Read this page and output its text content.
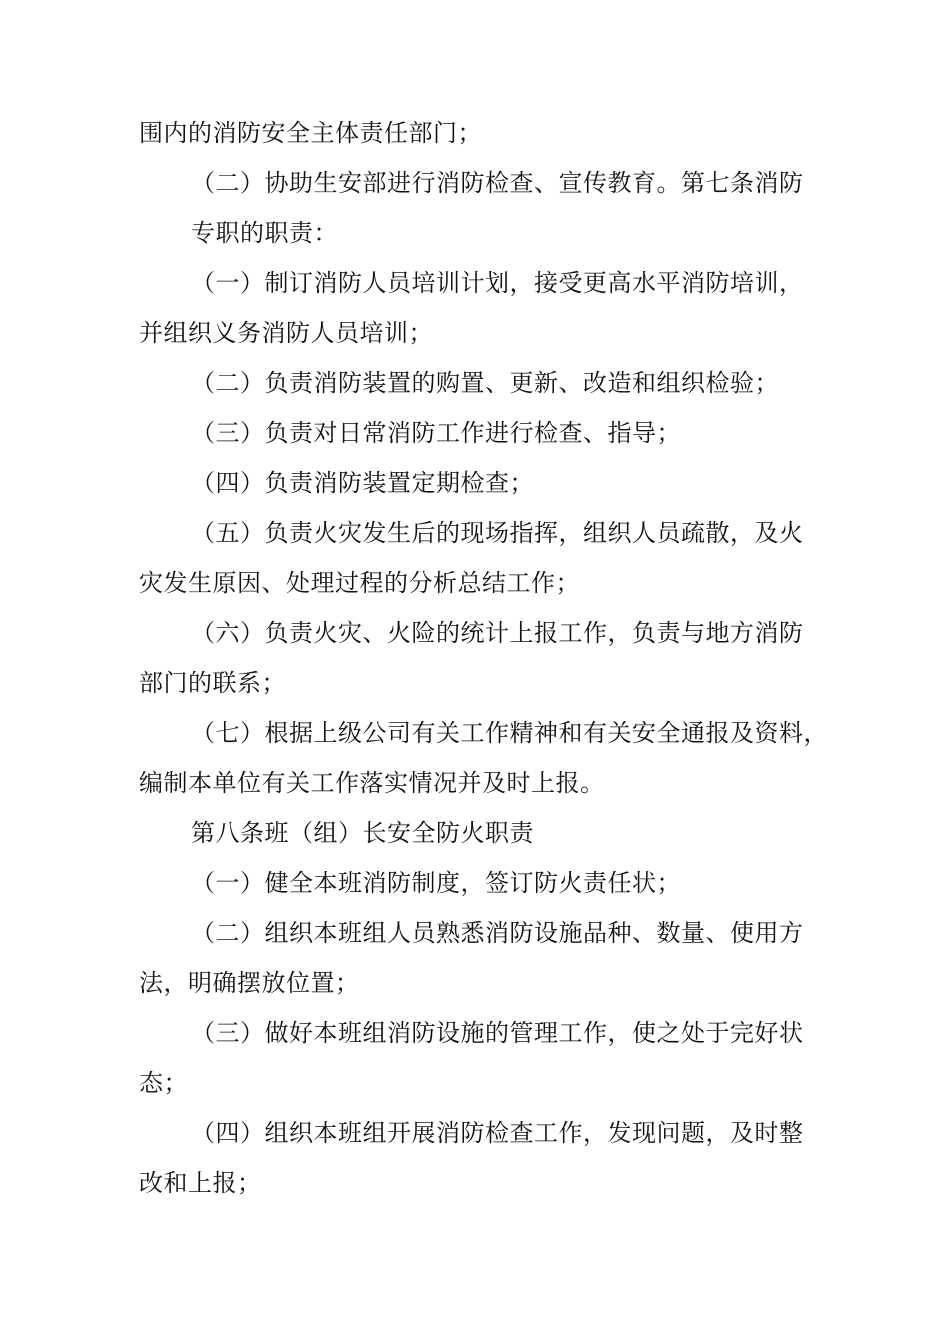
围内的消防安全主体责任部门；
（二）协助生安部进行消防检查、宣传教育。第七条消防
专职的职责：
（一）制订消防人员培训计划，接受更高水平消防培训，
并组织义务消防人员培训；
（二）负责消防装置的购置、更新、改造和组织检验；
（三）负责对日常消防工作进行检查、指导；
（四）负责消防装置定期检查；
（五）负责火灾发生后的现场指挥，组织人员疏散，及火
灾发生原因、处理过程的分析总结工作；
（六）负责火灾、火险的统计上报工作，负责与地方消防
部门的联系；
（七）根据上级公司有关工作精神和有关安全通报及资料，
编制本单位有关工作落实情况并及时上报。
第八条班（组）长安全防火职责
（一）健全本班消防制度，签订防火责任状；
（二）组织本班组人员熟悉消防设施品种、数量、使用方
法，明确摆放位置；
（三）做好本班组消防设施的管理工作，使之处于完好状
态；
（四）组织本班组开展消防检查工作，发现问题，及时整
改和上报；
